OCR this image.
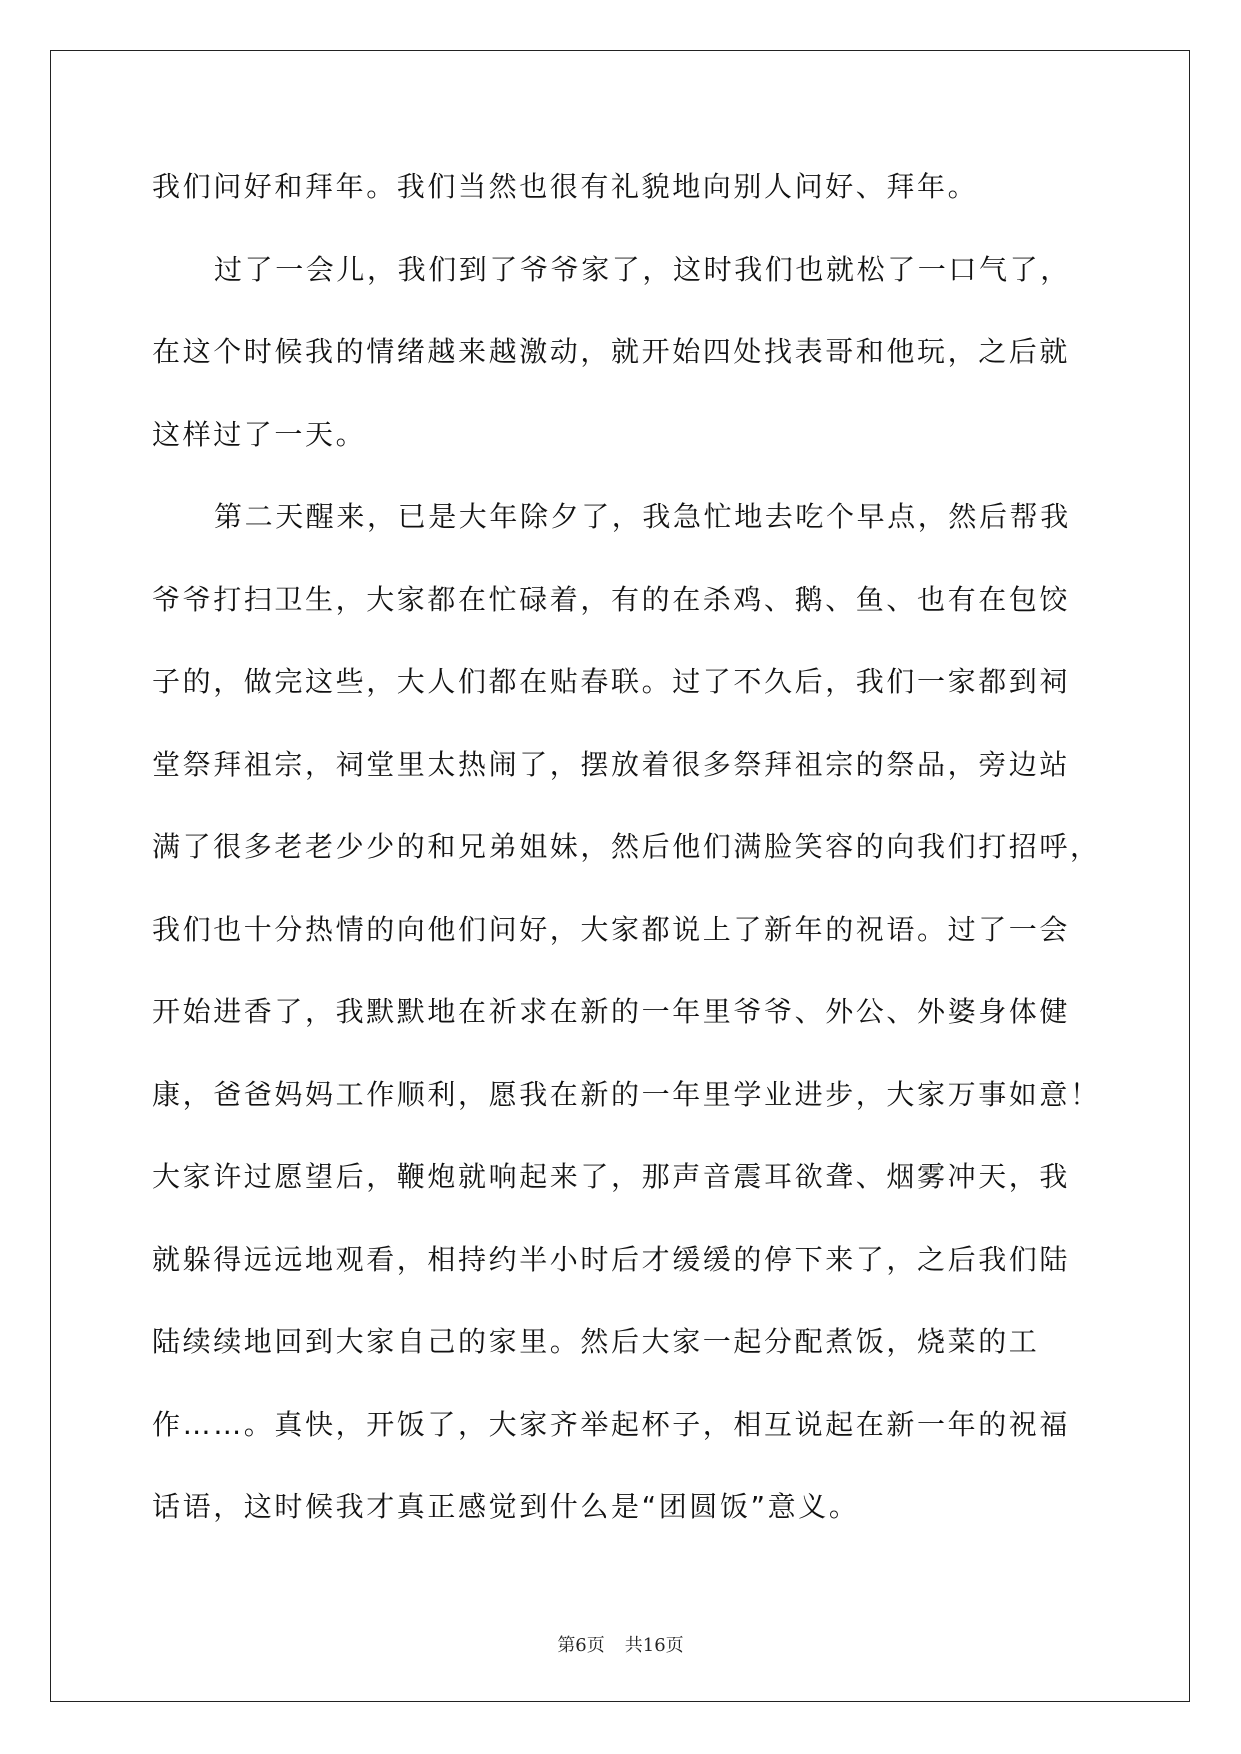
我们问好和拜年。我们当然也很有礼貌地向别人问好、拜年。
过了一会儿，我们到了爷爷家了，这时我们也就松了一口气了，
在这个时候我的情绪越来越激动，就开始四处找表哥和他玩，之后就
这样过了一天。
第二天醒来，已是大年除夕了，我急忙地去吃个早点，然后帮我
爷爷打扫卫生，大家都在忙碌着，有的在杀鸡、鹅、鱼、也有在包饺
子的，做完这些，大人们都在贴春联。过了不久后，我们一家都到祠
堂祭拜祖宗，祠堂里太热闹了，摆放着很多祭拜祖宗的祭品，旁边站
满了很多老老少少的和兄弟姐妹，然后他们满脸笑容的向我们打招呼，
我们也十分热情的向他们问好，大家都说上了新年的祝语。过了一会
开始进香了，我默默地在祈求在新的一年里爷爷、外公、外婆身体健
康，爸爸妈妈工作顺利，愿我在新的一年里学业进步，大家万事如意！
大家许过愿望后，鞭炮就响起来了，那声音震耳欲聋、烟雾冲天，我
就躲得远远地观看，相持约半小时后才缓缓的停下来了，之后我们陆
陆续续地回到大家自己的家里。然后大家一起分配煮饭，烧菜的工
作……。真快，开饭了，大家齐举起杯子，相互说起在新一年的祝福
话语，这时候我才真正感觉到什么是“团圆饭”意义。
第6页 共16页
